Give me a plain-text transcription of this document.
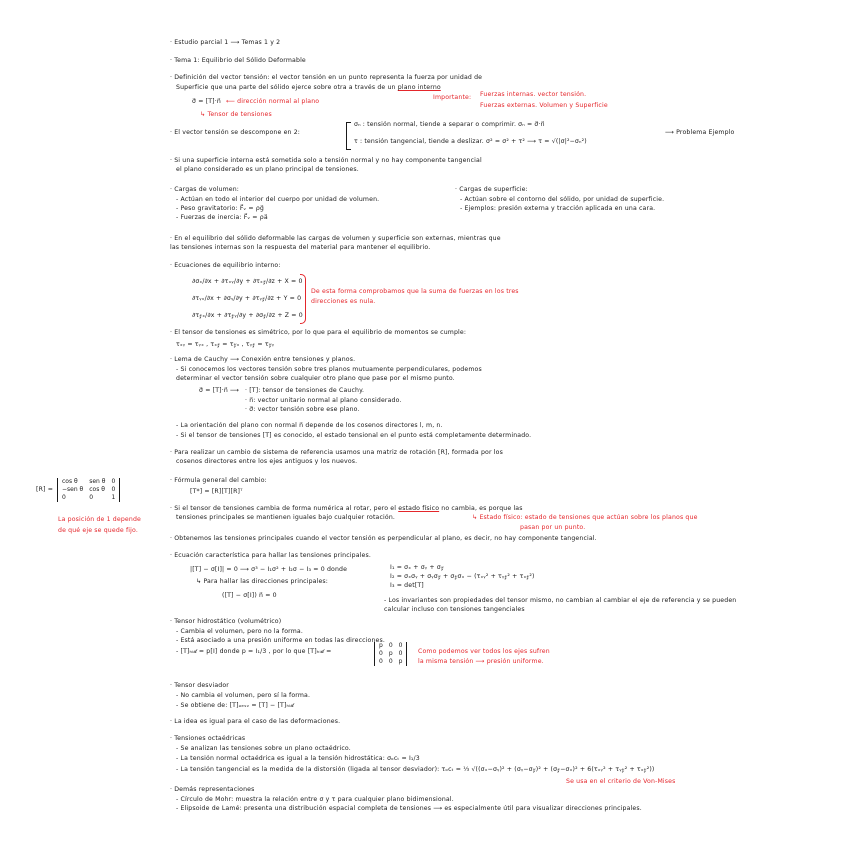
· Estudio parcial 1 ⟶ Temas 1 y 2
· Tema 1: Equilibrio del Sólido Deformable
· Definición del vector tensión: el vector tensión en un punto representa la fuerza por unidad de
Superficie que una parte del sólido ejerce sobre otra a través de un plano interno
σ⃗ = [T]·n⃗ ⟵ dirección normal al plano
↳ Tensor de tensiones
Importante: Fuerzas internas. vector tensión.
Fuerzas externas. Volumen y Superficie
· El vector tensión se descompone en 2:
σₙ : tensión normal, tiende a separar o comprimir. σₙ = σ⃗·n⃗
τ : tensión tangencial, tiende a deslizar. σ² = σ² + τ² ⟶ τ = √(|σ|²−σₙ²)
⟶ Problema Ejemplo
· Si una superficie interna está sometida solo a tensión normal y no hay componente tangencial
el plano considerado es un plano principal de tensiones.
· Cargas de volumen:
- Actúan en todo el interior del cuerpo por unidad de volumen.
- Peso gravitatorio: F⃗ᵥ = ρg⃗
- Fuerzas de inercia: F⃗ᵥ = ρa⃗
· Cargas de superficie:
- Actúan sobre el contorno del sólido, por unidad de superficie.
- Ejemplos: presión externa y tracción aplicada en una cara.
· En el equilibrio del sólido deformable las cargas de volumen y superficie son externas, mientras que
las tensiones internas son la respuesta del material para mantener el equilibrio.
· Ecuaciones de equilibrio interno:
∂σₓ/∂x + ∂τₓᵧ/∂y + ∂τₓ𝓏/∂z + X = 0
∂τᵧₓ/∂x + ∂σᵧ/∂y + ∂τᵧ𝓏/∂z + Y = 0
∂τ𝓏ₓ/∂x + ∂τ𝓏ᵧ/∂y + ∂σ𝓏/∂z + Z = 0
De esta forma comprobamos que la suma de fuerzas en los tres
direcciones es nula.
· El tensor de tensiones es simétrico, por lo que para el equilibrio de momentos se cumple:
τₓᵧ = τᵧₓ , τₓ𝓏 = τ𝓏ₓ , τᵧ𝓏 = τ𝓏ᵧ
· Lema de Cauchy ⟶ Conexión entre tensiones y planos.
- Si conocemos los vectores tensión sobre tres planos mutuamente perpendiculares, podemos
determinar el vector tensión sobre cualquier otro plano que pase por el mismo punto.
σ⃗ = [T]·n⃗ ⟶ · [T]: tensor de tensiones de Cauchy.
· n⃗: vector unitario normal al plano considerado.
· σ⃗: vector tensión sobre ese plano.
- La orientación del plano con normal n⃗ depende de los cosenos directores l, m, n.
- Si el tensor de tensiones [T] es conocido, el estado tensional en el punto está completamente determinado.
· Para realizar un cambio de sistema de referencia usamos una matriz de rotación [R], formada por los
cosenos directores entre los ejes antiguos y los nuevos.
· Fórmula general del cambio:
[T*] = [R][T][R]ᵀ
[R] =
cos θ	sen θ 0
−sen θ cos θ 0
0	0	1
La posición de 1 depende
de qué eje se quede fijo.
· Si el tensor de tensiones cambia de forma numérica al rotar, pero el estado físico no cambia, es porque las
tensiones principales se mantienen iguales bajo cualquier rotación.	↳ Estado físico: estado de tensiones que actúan sobre los planos que
pasan por un punto.
· Obtenemos las tensiones principales cuando el vector tensión es perpendicular al plano, es decir, no hay componente tangencial.
· Ecuación característica para hallar las tensiones principales.
|[T] − σ[I]| = 0 ⟶ σ³ − I₁σ² + I₂σ − I₃ = 0 donde	I₁ = σₓ + σᵧ + σ𝓏
I₂ = σₓσᵧ + σᵧσ𝓏 + σ𝓏σₓ − (τₓᵧ² + τᵧ𝓏² + τₓ𝓏²)
I₃ = det[T]
↳ Para hallar las direcciones principales:
([T] − σ[I]) n⃗ = 0
- Los invariantes son propiedades del tensor mismo, no cambian al cambiar el eje de referencia y se pueden
calcular incluso con tensiones tangenciales
· Tensor hidrostático (volumétrico)
- Cambia el volumen, pero no la forma.
- Está asociado a una presión uniforme en todas las direcciones.
- [T]ₕᵢ𝒹 = p[I] donde p = I₁/3 , por lo que [T]ₕᵢ𝒹 =
p 0 0
0 p 0
0 0 p
Como podemos ver todos los ejes sufren
la misma tensión ⟶ presión uniforme.
· Tensor desviador
- No cambia el volumen, pero sí la forma.
- Se obtiene de: [T]ₔₑₛᵥ = [T] − [T]ₕᵢ𝒹
· La idea es igual para el caso de las deformaciones.
· Tensiones octaédricas
- Se analizan las tensiones sobre un plano octaédrico.
- La tensión normal octaédrica es igual a la tensión hidrostática: σₒcₜ = I₁/3
- La tensión tangencial es la medida de la distorsión (ligada al tensor desviador): τₒcₜ = ⅓ √((σₓ−σᵧ)² + (σᵧ−σ𝓏)² + (σ𝓏−σₓ)² + 6(τₓᵧ² + τᵧ𝓏² + τₓ𝓏²))
Se usa en el criterio de Von-Mises
· Demás representaciones
- Círculo de Mohr: muestra la relación entre σ y τ para cualquier plano bidimensional.
- Elipsoide de Lamé: presenta una distribución espacial completa de tensiones ⟶ es especialmente útil para visualizar direcciones principales.
